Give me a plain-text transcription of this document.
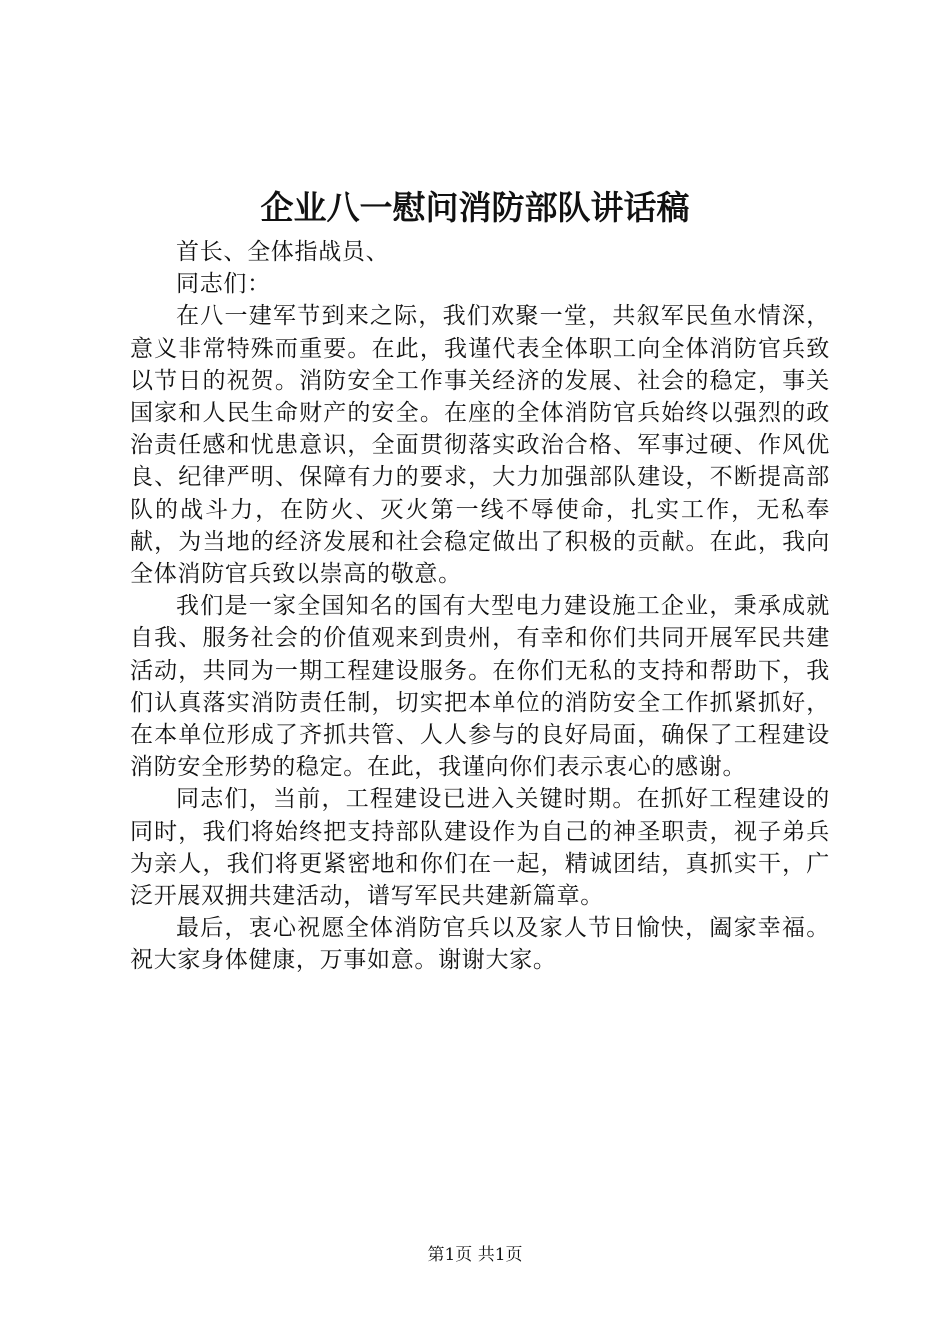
企业八一慰问消防部队讲话稿

首长、全体指战员、

同志们：

在八一建军节到来之际，我们欢聚一堂，共叙军民鱼水情深，意义非常特殊而重要。在此，我谨代表全体职工向全体消防官兵致以节日的祝贺。消防安全工作事关经济的发展、社会的稳定，事关国家和人民生命财产的安全。在座的全体消防官兵始终以强烈的政治责任感和忧患意识，全面贯彻落实政治合格、军事过硬、作风优良、纪律严明、保障有力的要求，大力加强部队建设，不断提高部队的战斗力，在防火、灭火第一线不辱使命，扎实工作，无私奉献，为当地的经济发展和社会稳定做出了积极的贡献。在此，我向全体消防官兵致以崇高的敬意。

我们是一家全国知名的国有大型电力建设施工企业，秉承成就自我、服务社会的价值观来到贵州，有幸和你们共同开展军民共建活动，共同为一期工程建设服务。在你们无私的支持和帮助下，我们认真落实消防责任制，切实把本单位的消防安全工作抓紧抓好，在本单位形成了齐抓共管、人人参与的良好局面，确保了工程建设消防安全形势的稳定。在此，我谨向你们表示衷心的感谢。

同志们，当前，工程建设已进入关键时期。在抓好工程建设的同时，我们将始终把支持部队建设作为自己的神圣职责，视子弟兵为亲人，我们将更紧密地和你们在一起，精诚团结，真抓实干，广泛开展双拥共建活动，谱写军民共建新篇章。

最后，衷心祝愿全体消防官兵以及家人节日愉快，阖家幸福。祝大家身体健康，万事如意。谢谢大家。

第1页 共1页
